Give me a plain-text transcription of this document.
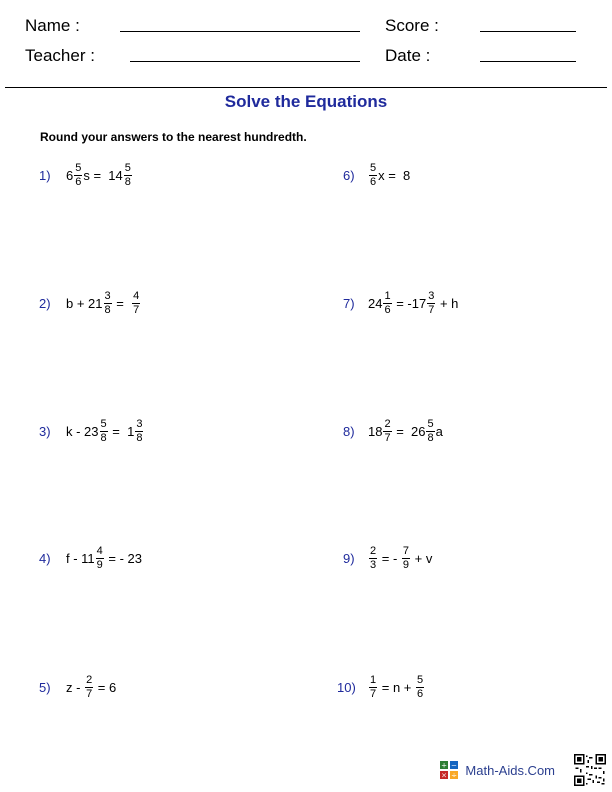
Name :	Score :
Teacher :	Date :
Solve the Equations
Round your answers to the nearest hundredth.
1) $6 \frac{5}{6}$ $s = 14 \frac{5}{8}$
2) $b + 21 \frac{3}{8} = \frac{4}{7}$
3) $k - 23 \frac{5}{8} = 1 \frac{3}{8}$
4) f - $11 \frac{4}{9}$ = - 23
5) $z - \frac{2}{7} = 6$
$6) \frac{5}{6}$ x =  8
7) $24 \frac{1}{6} = -17 \frac{3}{7} + h$
8) $18 \frac{2}{7} = 26 \frac{5}{8}$ a
$9) \frac{2}{3}$ = - $\frac{7}{9} + v$
$10) \frac{1}{7} = n + \frac{5}{6}$
+ −
× ÷ Math-Aids.Com
